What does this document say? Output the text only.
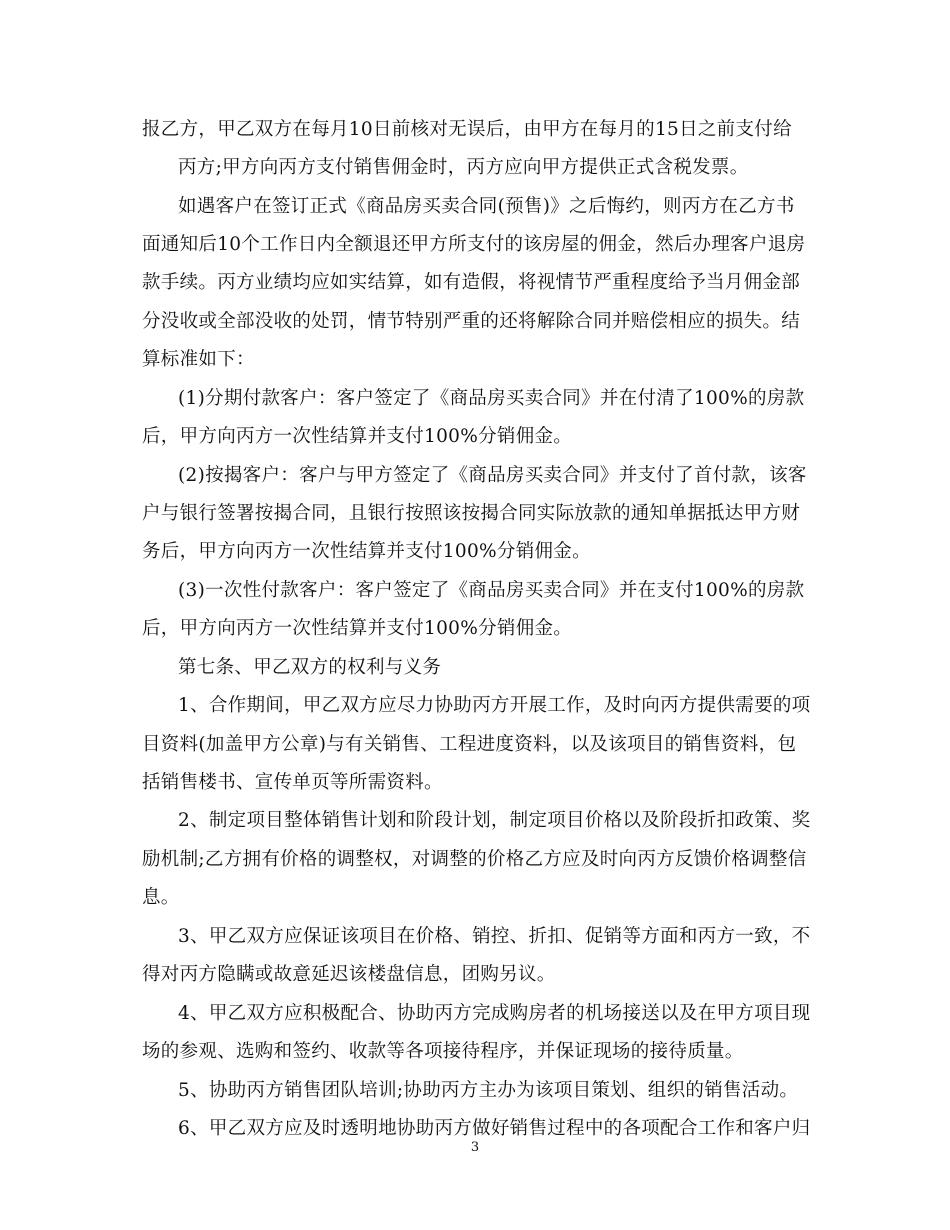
报乙方，甲乙双方在每月10日前核对无误后，由甲方在每月的15日之前支付给
丙方;甲方向丙方支付销售佣金时，丙方应向甲方提供正式含税发票。
如遇客户在签订正式《商品房买卖合同(预售)》之后悔约，则丙方在乙方书
面通知后10个工作日内全额退还甲方所支付的该房屋的佣金，然后办理客户退房
款手续。丙方业绩均应如实结算，如有造假，将视情节严重程度给予当月佣金部
分没收或全部没收的处罚，情节特别严重的还将解除合同并赔偿相应的损失。结
算标准如下：
(1)分期付款客户：客户签定了《商品房买卖合同》并在付清了100%的房款
后，甲方向丙方一次性结算并支付100%分销佣金。
(2)按揭客户：客户与甲方签定了《商品房买卖合同》并支付了首付款，该客
户与银行签署按揭合同，且银行按照该按揭合同实际放款的通知单据抵达甲方财
务后，甲方向丙方一次性结算并支付100%分销佣金。
(3)一次性付款客户：客户签定了《商品房买卖合同》并在支付100%的房款
后，甲方向丙方一次性结算并支付100%分销佣金。
第七条、甲乙双方的权利与义务
1、合作期间，甲乙双方应尽力协助丙方开展工作，及时向丙方提供需要的项
目资料(加盖甲方公章)与有关销售、工程进度资料，以及该项目的销售资料，包
括销售楼书、宣传单页等所需资料。
2、制定项目整体销售计划和阶段计划，制定项目价格以及阶段折扣政策、奖
励机制;乙方拥有价格的调整权，对调整的价格乙方应及时向丙方反馈价格调整信
息。
3、甲乙双方应保证该项目在价格、销控、折扣、促销等方面和丙方一致，不
得对丙方隐瞒或故意延迟该楼盘信息，团购另议。
4、甲乙双方应积极配合、协助丙方完成购房者的机场接送以及在甲方项目现
场的参观、选购和签约、收款等各项接待程序，并保证现场的接待质量。
5、协助丙方销售团队培训;协助丙方主办为该项目策划、组织的销售活动。
6、甲乙双方应及时透明地协助丙方做好销售过程中的各项配合工作和客户归
3
